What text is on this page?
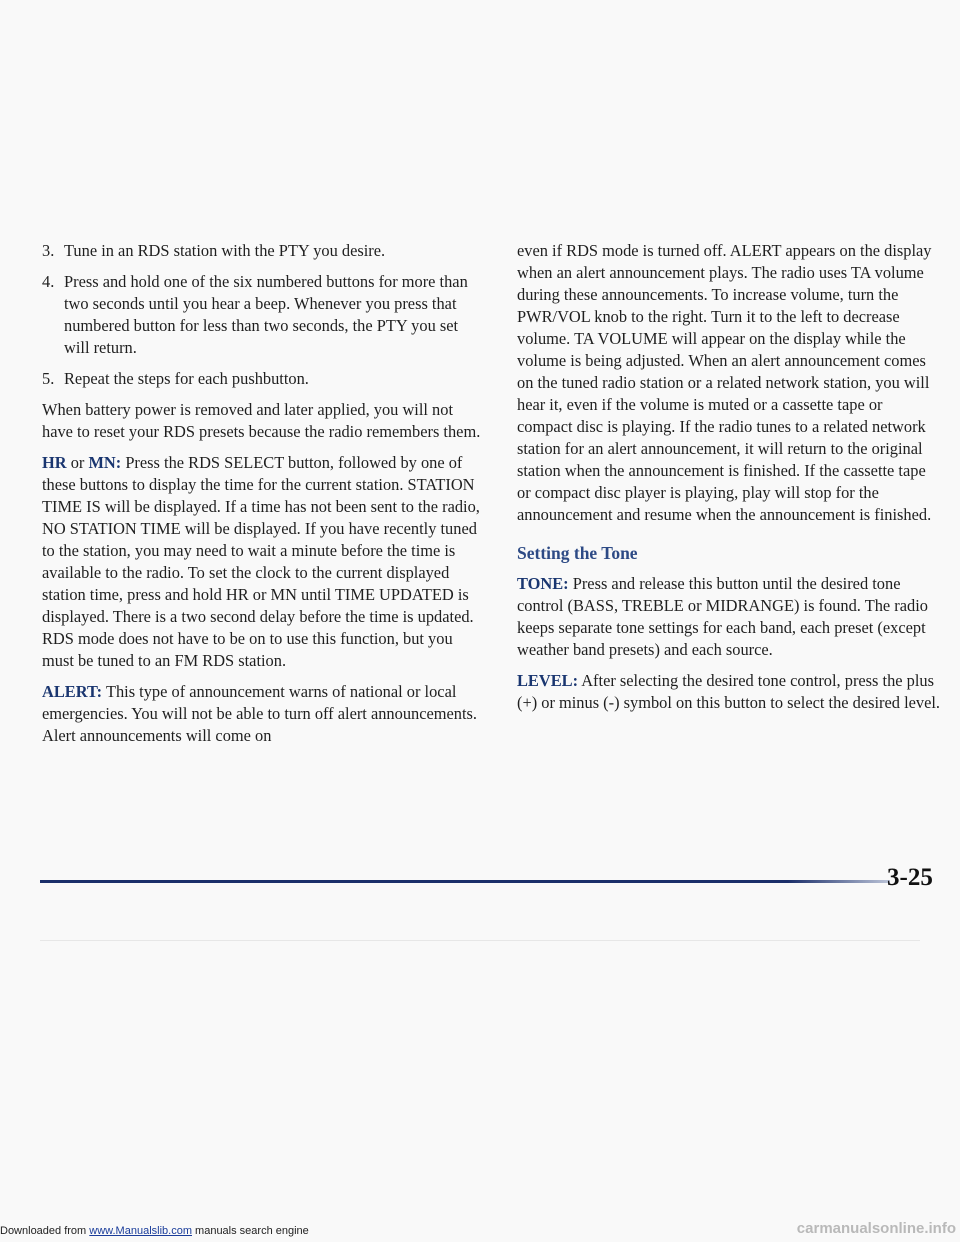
3. Tune in an RDS station with the PTY you desire.
4. Press and hold one of the six numbered buttons for more than two seconds until you hear a beep. Whenever you press that numbered button for less than two seconds, the PTY you set will return.
5. Repeat the steps for each pushbutton.

When battery power is removed and later applied, you will not have to reset your RDS presets because the radio remembers them.

HR or MN: Press the RDS SELECT button, followed by one of these buttons to display the time for the current station. STATION TIME IS will be displayed. If a time has not been sent to the radio, NO STATION TIME will be displayed. If you have recently tuned to the station, you may need to wait a minute before the time is available to the radio. To set the clock to the current displayed station time, press and hold HR or MN until TIME UPDATED is displayed. There is a two second delay before the time is updated. RDS mode does not have to be on to use this function, but you must be tuned to an FM RDS station.

ALERT: This type of announcement warns of national or local emergencies. You will not be able to turn off alert announcements. Alert announcements will come on

even if RDS mode is turned off. ALERT appears on the display when an alert announcement plays. The radio uses TA volume during these announcements. To increase volume, turn the PWR/VOL knob to the right. Turn it to the left to decrease volume. TA VOLUME will appear on the display while the volume is being adjusted. When an alert announcement comes on the tuned radio station or a related network station, you will hear it, even if the volume is muted or a cassette tape or compact disc is playing. If the radio tunes to a related network station for an alert announcement, it will return to the original station when the announcement is finished. If the cassette tape or compact disc player is playing, play will stop for the announcement and resume when the announcement is finished.

Setting the Tone

TONE: Press and release this button until the desired tone control (BASS, TREBLE or MIDRANGE) is found. The radio keeps separate tone settings for each band, each preset (except weather band presets) and each source.

LEVEL: After selecting the desired tone control, press the plus (+) or minus (-) symbol on this button to select the desired level.

3-25
Downloaded from www.Manualslib.com manuals search engine	carmanualsonline.info
